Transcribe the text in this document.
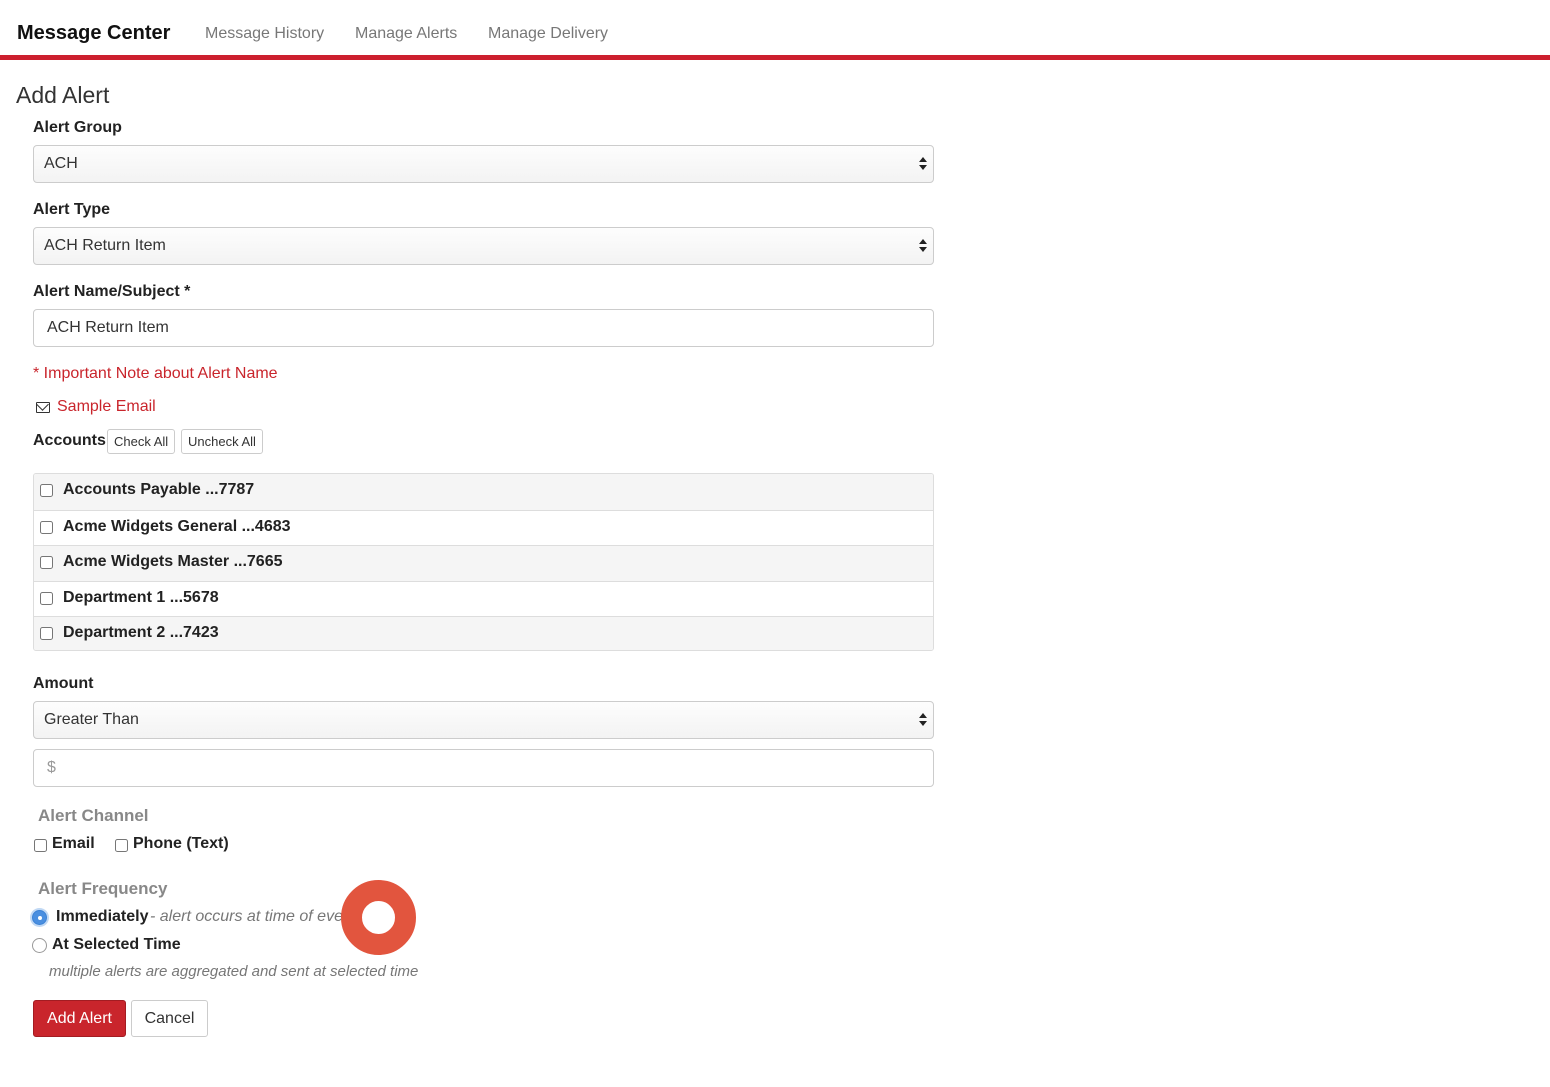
Message Center Message History Manage Alerts Manage Delivery
Add Alert
Alert Group
ACH
Alert Type
ACH Return Item
Alert Name/Subject *
ACH Return Item
* Important Note about Alert Name
Sample Email
Accounts Check All	Uncheck All
Accounts Payable ...7787
Acme Widgets General ...4683
Acme Widgets Master ...7665
Department 1 ...5678
Department 2 ...7423
Amount
Greater Than
$
Alert Channel
Email Phone (Text)
Alert Frequency
Immediately - alert occurs at time of event
At Selected Time
multiple alerts are aggregated and sent at selected time
Add Alert	Cancel
